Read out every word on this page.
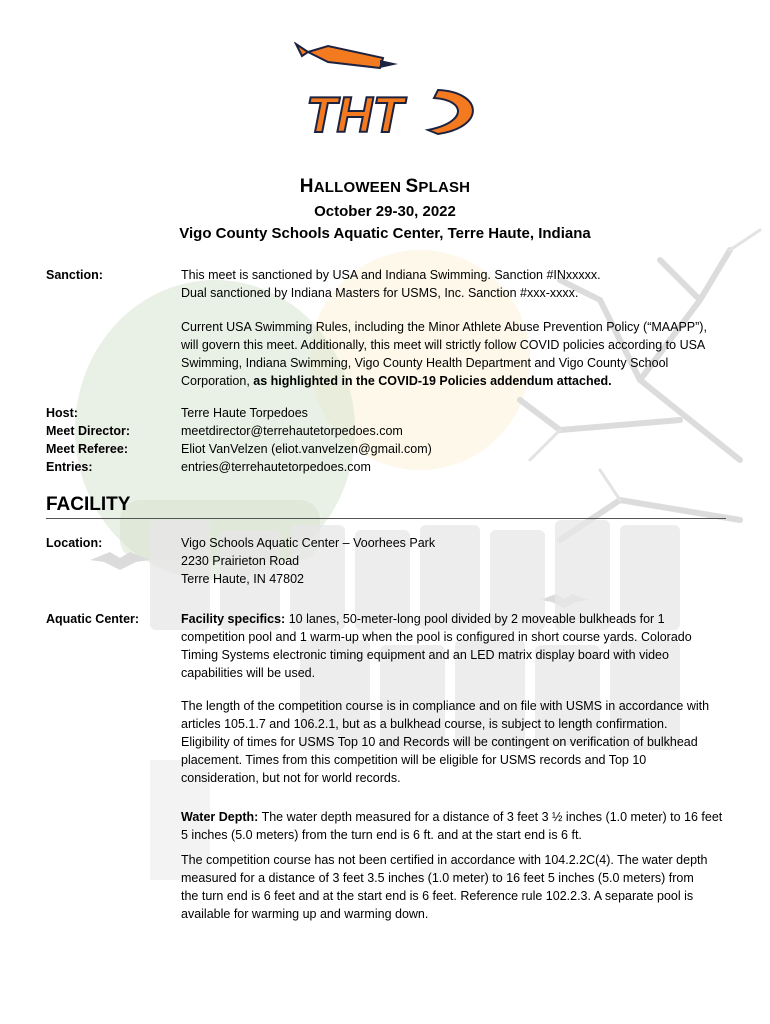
THT
HALLOWEEN SPLASH
October 29-30, 2022
Vigo County Schools Aquatic Center, Terre Haute, Indiana
Sanction:	This meet is sanctioned by USA and Indiana Swimming. Sanction #INxxxxx.
Dual sanctioned by Indiana Masters for USMS, Inc. Sanction #xxx-xxxx.
Current USA Swimming Rules, including the Minor Athlete Abuse Prevention Policy (“MAAPP”),
will govern this meet. Additionally, this meet will strictly follow COVID policies according to USA
Swimming, Indiana Swimming, Vigo County Health Department and Vigo County School
Corporation, as highlighted in the COVID-19 Policies addendum attached.
Host:	Terre Haute Torpedoes
Meet Director:	meetdirector@terrehautetorpedoes.com
Meet Referee:	Eliot VanVelzen (eliot.vanvelzen@gmail.com)
Entries:	entries@terrehautetorpedoes.com
FACILITY
Location:	Vigo Schools Aquatic Center – Voorhees Park
2230 Prairieton Road
Terre Haute, IN 47802
Aquatic Center:	Facility specifics: 10 lanes, 50-meter-long pool divided by 2 moveable bulkheads for 1
competition pool and 1 warm-up when the pool is configured in short course yards. Colorado
Timing Systems electronic timing equipment and an LED matrix display board with video
capabilities will be used.
The length of the competition course is in compliance and on file with USMS in accordance with
articles 105.1.7 and 106.2.1, but as a bulkhead course, is subject to length confirmation.
Eligibility of times for USMS Top 10 and Records will be contingent on verification of bulkhead
placement. Times from this competition will be eligible for USMS records and Top 10
consideration, but not for world records.
Water Depth: The water depth measured for a distance of 3 feet 3 ½ inches (1.0 meter) to 16 feet
5 inches (5.0 meters) from the turn end is 6 ft. and at the start end is 6 ft.
The competition course has not been certified in accordance with 104.2.2C(4). The water depth
measured for a distance of 3 feet 3.5 inches (1.0 meter) to 16 feet 5 inches (5.0 meters) from
the turn end is 6 feet and at the start end is 6 feet. Reference rule 102.2.3. A separate pool is
available for warming up and warming down.
